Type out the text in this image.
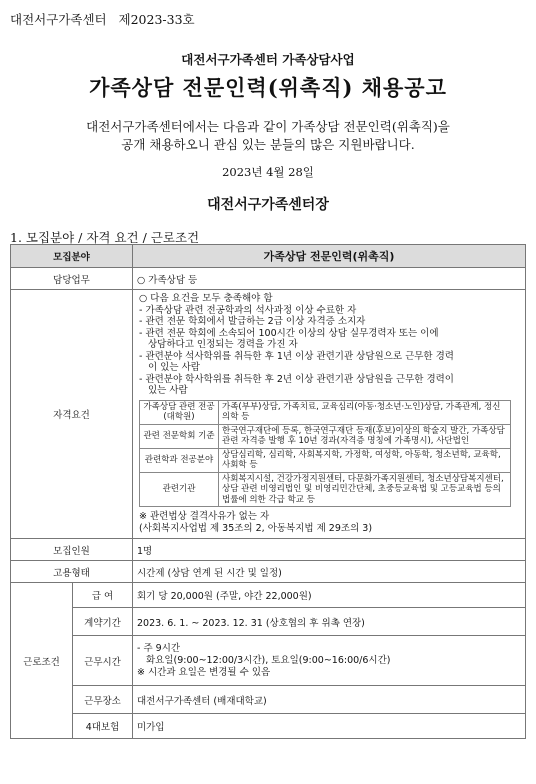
대전서구가족센터   제2023-33호
대전서구가족센터 가족상담사업
가족상담 전문인력(위촉직) 채용공고
대전서구가족센터에서는 다음과 같이 가족상담 전문인력(위촉직)을
공개 채용하오니 관심 있는 분들의 많은 지원바랍니다.
2023년 4월 28일
대전서구가족센터장
1. 모집분야 / 자격 요건 / 근로조건
모집분야	가족상담 전문인력(위촉직)
담당업무	○ 가족상담 등
자격요건	
○ 다음 요건을 모두 충족해야 함
- 가족상담 관련 전공학과의 석사과정 이상 수료한 자
- 관련 전문 학회에서 발급하는 2급 이상 자격증 소지자
- 관련 전문 학회에 소속되어 100시간 이상의 상담 실무경력자 또는 이에
상담하다고 인정되는 경력을 가진 자
- 관련분야 석사학위를 취득한 후 1년 이상 관련기관 상담원으로 근무한 경력
이 있는 사람
- 관련분야 학사학위를 취득한 후 2년 이상 관련기관 상담원을 근무한 경력이
있는 사람
가족상담 관련 전공(대학원)	가족(부부)상담, 가족치료, 교육심리(아동·청소년·노인)상담, 가족관계, 정신의학 등
관련 전문학회 기준	한국연구재단에 등록, 한국연구재단 등재(후보)이상의 학술지 발간, 가족상담 관련 자격증 발행 후 10년 경과(자격증 명칭에 가족명시), 사단법인
관련학과 전공분야	상담심리학, 심리학, 사회복지학, 가정학, 여성학, 아동학, 청소년학, 교육학, 사회학 등
관련기관	사회복지시설, 건강가정지원센터, 다문화가족지원센터, 청소년상담복지센터, 상담 관련 비영리법인 및 비영리민간단체, 초중등교육법 및 고등교육법 등의 법률에 의한 각급 학교 등
※ 관련법상 결격사유가 없는 자
(사회복지사업법 제 35조의 2, 아동복지법 제 29조의 3)

모집인원	1명
고용형태	시간제 (상담 연계 된 시간 및 일정)
근로조건	급 여	회기 당 20,000원 (주말, 야간 22,000원)
계약기간	2023. 6. 1. ~ 2023. 12. 31 (상호협의 후 위촉 연장)
근무시간	
- 주 9시간
화요일(9:00~12:00/3시간), 토요일(9:00~16:00/6시간)
※ 시간과 요일은 변경될 수 있음

근무장소	대전서구가족센터 (배재대학교)
4대보험	미가입
